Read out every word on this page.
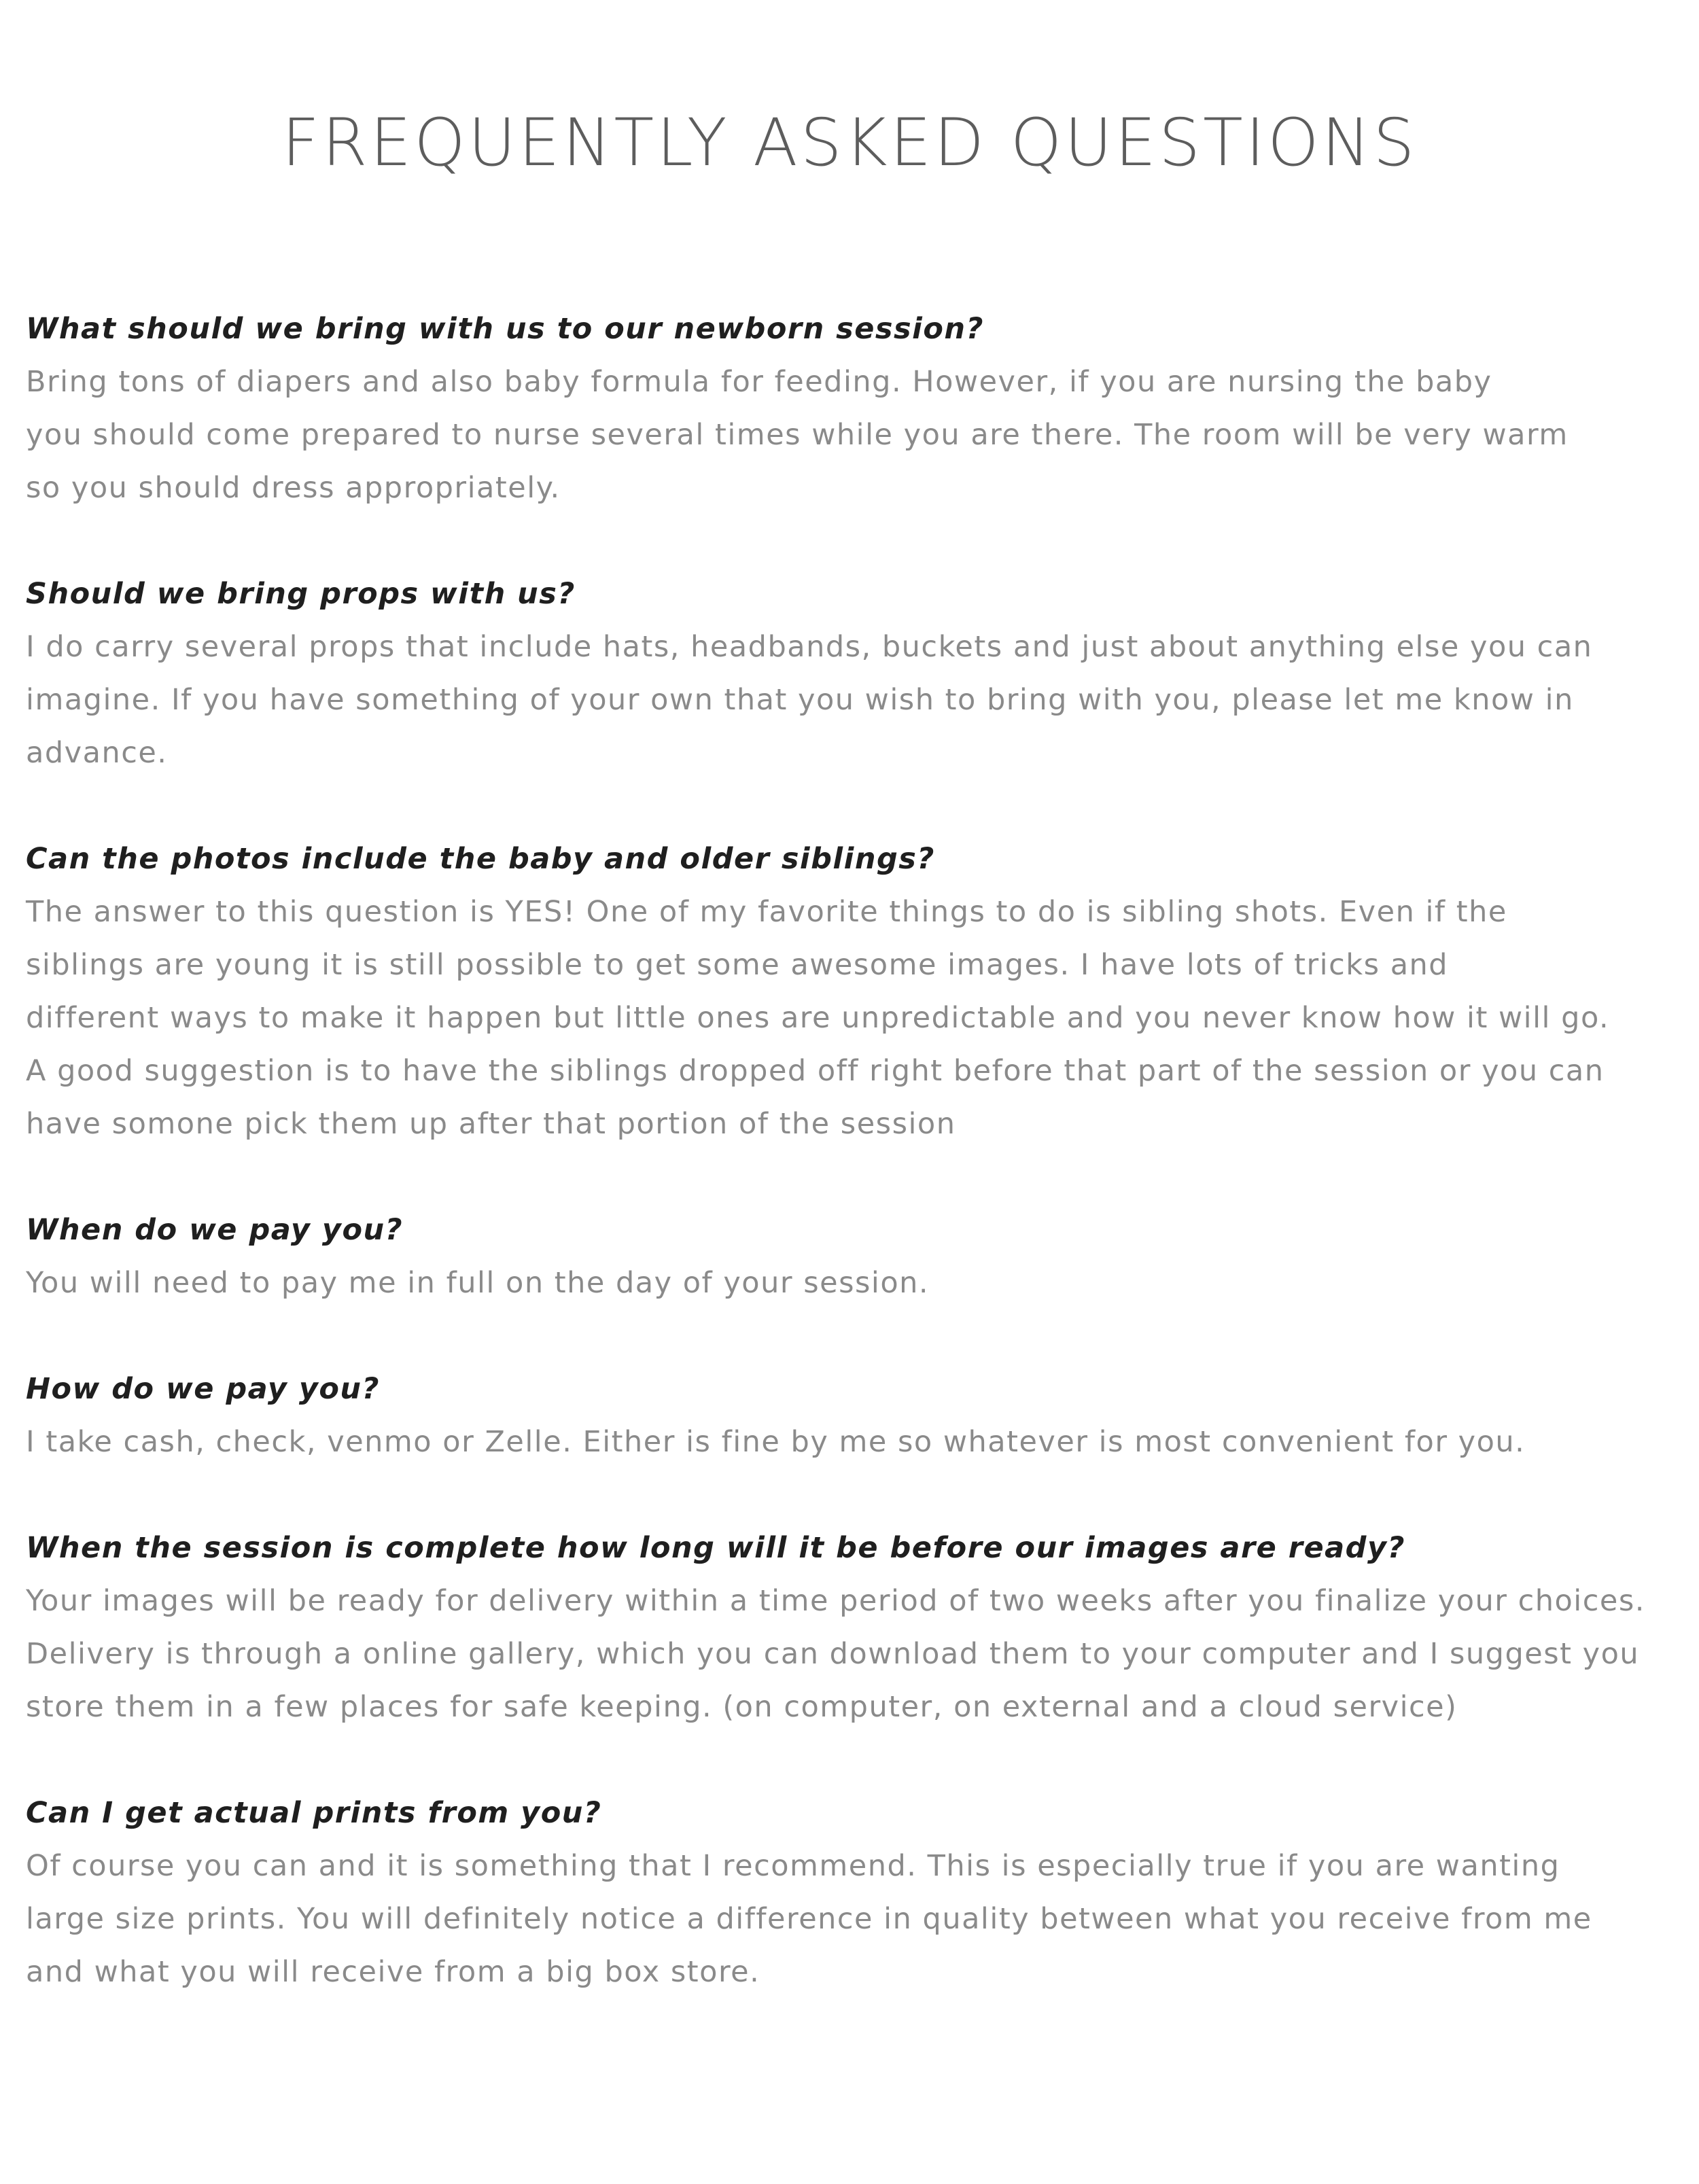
FREQUENTLY ASKED QUESTIONS

What should we bring with us to our newborn session?

Bring tons of diapers and also baby formula for feeding. However, if you are nursing the baby
you should come prepared to nurse several times while you are there. The room will be very warm
so you should dress appropriately.

Should we bring props with us?

I do carry several props that include hats, headbands, buckets and just about anything else you can
imagine. If you have something of your own that you wish to bring with you, please let me know in
advance.

Can the photos include the baby and older siblings?

The answer to this question is YES! One of my favorite things to do is sibling shots. Even if the
siblings are young it is still possible to get some awesome images. I have lots of tricks and
different ways to make it happen but little ones are unpredictable and you never know how it will go.
A good suggestion is to have the siblings dropped off right before that part of the session or you can
have somone pick them up after that portion of the session

When do we pay you?

You will need to pay me in full on the day of your session.

How do we pay you?

I take cash, check, venmo or Zelle. Either is fine by me so whatever is most convenient for you.

When the session is complete how long will it be before our images are ready?

Your images will be ready for delivery within a time period of two weeks after you finalize your choices.
Delivery is through a online gallery, which you can download them to your computer and I suggest you
store them in a few places for safe keeping. (on computer, on external and a cloud service)

Can I get actual prints from you?

Of course you can and it is something that I recommend. This is especially true if you are wanting
large size prints. You will definitely notice a difference in quality between what you receive from me
and what you will receive from a big box store.
